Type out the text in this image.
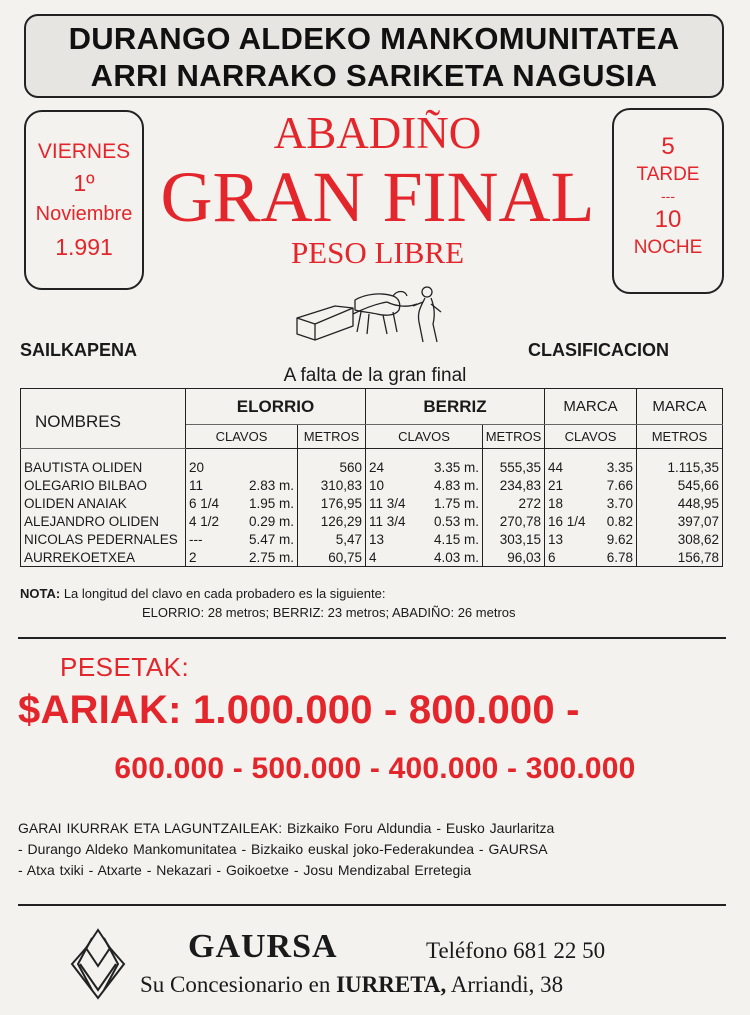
DURANGO ALDEKO MANKOMUNITATEA
ARRI NARRAKO SARIKETA NAGUSIA
VIERNES
1º
Noviembre
1.991
ABADIÑO
GRAN FINAL
PESO LIBRE
5
TARDE
---
10
NOCHE
SAILKAPENA	CLASIFICACION
A falta de la gran final
NOMBRES	ELORRIO		BERRIZ		MARCA	MARCA
	CLAVOS	METROS	CLAVOS	METROS	CLAVOS	METROS

BAUTISTA OLIDEN	20	560	24 3.35 m.	555,35	44 3.35	1.115,35
OLEGARIO BILBAO	11 2.83 m.	310,83	10 4.83 m.	234,83	21 7.66	545,66
OLIDEN ANAIAK	6 1/4 1.95 m.	176,95	11 3/4 1.75 m.	272	18 3.70	448,95
ALEJANDRO OLIDEN	4 1/2 0.29 m.	126,29	11 3/4 0.53 m.	270,78	16 1/4 0.82	397,07
NICOLAS PEDERNALES	--- 5.47 m.	5,47	13 4.15 m.	303,15	13 9.62	308,62
AURREKOETXEA	2 2.75 m.	60,75	4 4.03 m.	96,03	6 6.78	156,78
NOTA: La longitud del clavo en cada probadero es la siguiente:
ELORRIO: 28 metros; BERRIZ: 23 metros; ABADIÑO: 26 metros
PESETAK:
$ARIAK: 1.000.000 - 800.000 -
600.000 - 500.000 - 400.000 - 300.000
GARAI IKURRAK ETA LAGUNTZAILEAK: Bizkaiko Foru Aldundia - Eusko Jaurlaritza
- Durango Aldeko Mankomunitatea - Bizkaiko euskal joko-Federakundea - GAURSA
- Atxa txiki - Atxarte - Nekazari - Goikoetxe - Josu Mendizabal Erretegia
GAURSA	Teléfono 681 22 50
Su Concesionario en IURRETA, Arriandi, 38
